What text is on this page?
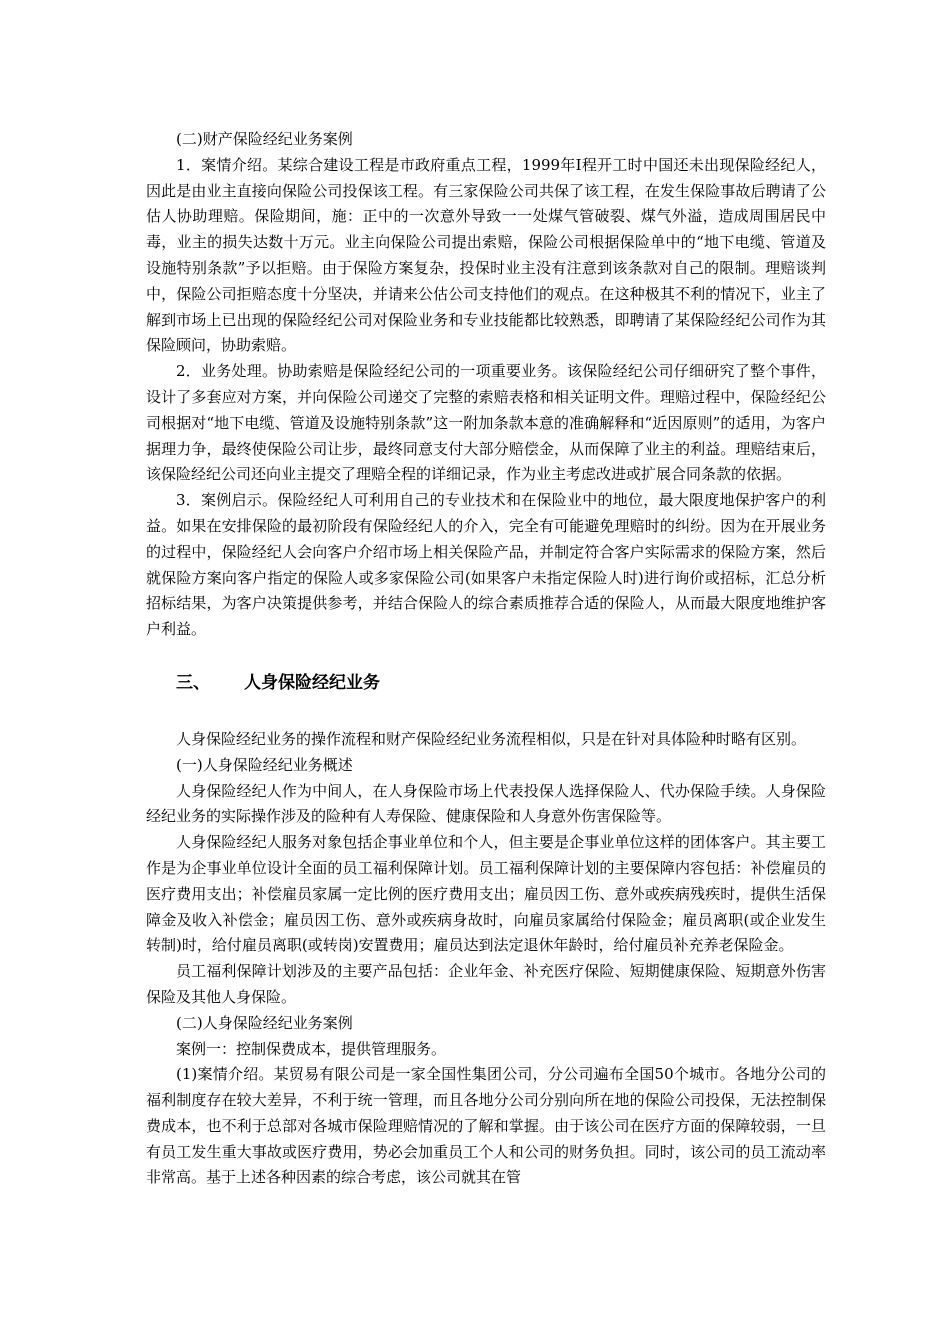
(二)财产保险经纪业务案例

1．案情介绍。某综合建设工程是市政府重点工程，1999年I程开工时中国还未出现保险经纪人，因此是由业主直接向保险公司投保该工程。有三家保险公司共保了该工程，在发生保险事故后聘请了公估人协助理赔。保险期间，施：正中的一次意外导致一一处煤气管破裂、煤气外溢，造成周围居民中毒，业主的损失达数十万元。业主向保险公司提出索赔，保险公司根据保险单中的“地下电缆、管道及设施特别条款”予以拒赔。由于保险方案复杂，投保时业主没有注意到该条款对自己的限制。理赔谈判中，保险公司拒赔态度十分坚决，并请来公估公司支持他们的观点。在这种极其不利的情况下，业主了解到市场上已出现的保险经纪公司对保险业务和专业技能都比较熟悉，即聘请了某保险经纪公司作为其保险顾问，协助索赔。

2．业务处理。协助索赔是保险经纪公司的一项重要业务。该保险经纪公司仔细研究了整个事件，设计了多套应对方案，并向保险公司递交了完整的索赔表格和相关证明文件。理赔过程中，保险经纪公司根据对“地下电缆、管道及设施特别条款”这一附加条款本意的准确解释和“近因原则”的适用，为客户据理力争，最终使保险公司让步，最终同意支付大部分赔偿金，从而保障了业主的利益。理赔结束后，该保险经纪公司还向业主提交了理赔全程的详细记录，作为业主考虑改进或扩展合同条款的依据。

3．案例启示。保险经纪人可利用自己的专业技术和在保险业中的地位，最大限度地保护客户的利益。如果在安排保险的最初阶段有保险经纪人的介入，完全有可能避免理赔时的纠纷。因为在开展业务的过程中，保险经纪人会向客户介绍市场上相关保险产品，并制定符合客户实际需求的保险方案，然后就保险方案向客户指定的保险人或多家保险公司(如果客户未指定保险人时)进行询价或招标，汇总分析招标结果，为客户决策提供参考，并结合保险人的综合素质推荐合适的保险人，从而最大限度地维护客户利益。

三、	人身保险经纪业务

人身保险经纪业务的操作流程和财产保险经纪业务流程相似，只是在针对具体险种时略有区别。

(一)人身保险经纪业务概述

人身保险经纪人作为中间人，在人身保险市场上代表投保人选择保险人、代办保险手续。人身保险经纪业务的实际操作涉及的险种有人寿保险、健康保险和人身意外伤害保险等。

人身保险经纪人服务对象包括企事业单位和个人，但主要是企事业单位这样的团体客户。其主要工作是为企事业单位设计全面的员工福利保障计划。员工福利保障计划的主要保障内容包括：补偿雇员的医疗费用支出；补偿雇员家属一定比例的医疗费用支出；雇员因工伤、意外或疾病残疾时，提供生活保障金及收入补偿金；雇员因工伤、意外或疾病身故时，向雇员家属给付保险金；雇员离职(或企业发生转制)时，给付雇员离职(或转岗)安置费用；雇员达到法定退休年龄时，给付雇员补充养老保险金。

员工福利保障计划涉及的主要产品包括：企业年金、补充医疗保险、短期健康保险、短期意外伤害保险及其他人身保险。

(二)人身保险经纪业务案例

案例一：控制保费成本，提供管理服务。

(1)案情介绍。某贸易有限公司是一家全国性集团公司，分公司遍布全国50个城市。各地分公司的福利制度存在较大差异，不利于统一管理，而且各地分公司分别向所在地的保险公司投保，无法控制保费成本，也不利于总部对各城市保险理赔情况的了解和掌握。由于该公司在医疗方面的保障较弱，一旦有员工发生重大事故或医疗费用，势必会加重员工个人和公司的财务负担。同时，该公司的员工流动率非常高。基于上述各种因素的综合考虑，该公司就其在管
